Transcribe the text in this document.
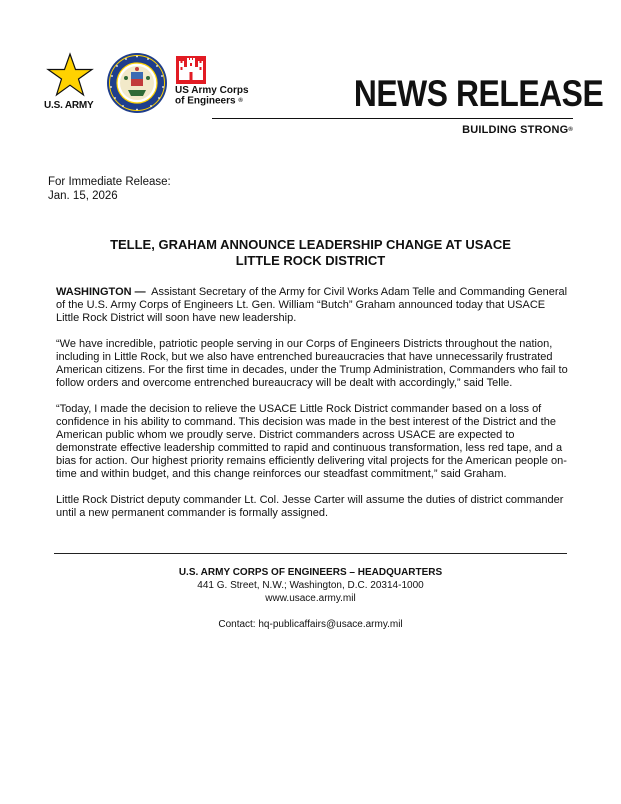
U.S. ARMY
US Army Corps
of Engineers ®	NEWS RELEASE
BUILDING STRONG®
For Immediate Release:
Jan. 15, 2026
TELLE, GRAHAM ANNOUNCE LEADERSHIP CHANGE AT USACE
LITTLE ROCK DISTRICT

WASHINGTON — Assistant Secretary of the Army for Civil Works Adam Telle and Commanding General of the U.S. Army Corps of Engineers Lt. Gen. William “Butch” Graham announced today that USACE Little Rock District will soon have new leadership.

“We have incredible, patriotic people serving in our Corps of Engineers Districts throughout the nation, including in Little Rock, but we also have entrenched bureaucracies that have unnecessarily frustrated American citizens. For the first time in decades, under the Trump Administration, Commanders who fail to follow orders and overcome entrenched bureaucracy will be dealt with accordingly,” said Telle.

“Today, I made the decision to relieve the USACE Little Rock District commander based on a loss of confidence in his ability to command. This decision was made in the best interest of the District and the American public whom we proudly serve. District commanders across USACE are expected to demonstrate effective leadership committed to rapid and continuous transformation, less red tape, and a bias for action. Our highest priority remains efficiently delivering vital projects for the American people on-time and within budget, and this change reinforces our steadfast commitment,” said Graham.

Little Rock District deputy commander Lt. Col. Jesse Carter will assume the duties of district commander until a new permanent commander is formally assigned.

U.S. ARMY CORPS OF ENGINEERS – HEADQUARTERS
441 G. Street, N.W.; Washington, D.C. 20314-1000
www.usace.army.mil
Contact: hq-publicaffairs@usace.army.mil
